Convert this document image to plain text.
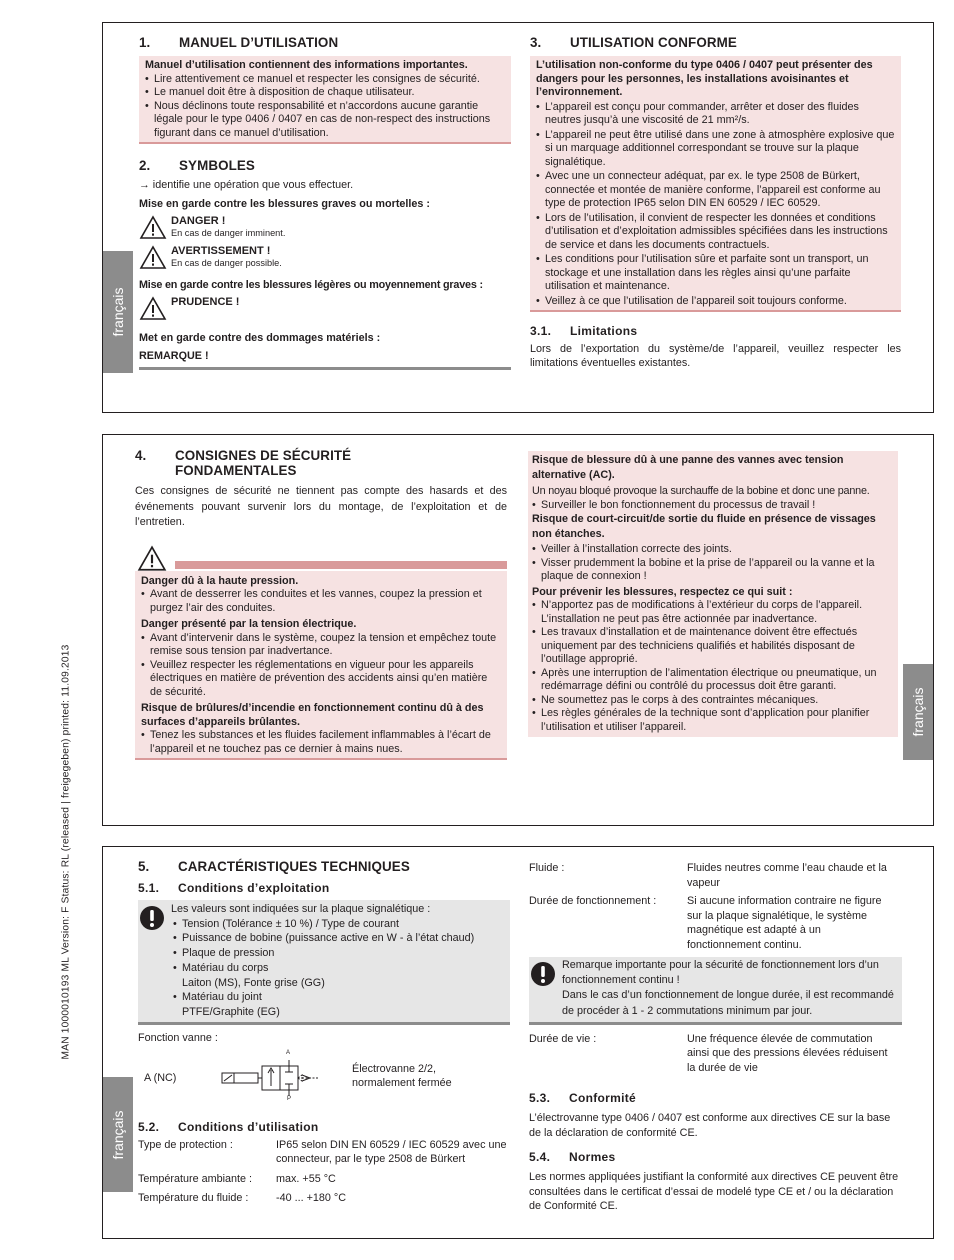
MAN 1000010193 ML Version: F Status: RL (released | freigegeben) printed: 11.09.2013
français
1.	MANUEL D’UTILISATION

Manuel d’utilisation contiennent des informations importantes.

• Lire attentivement ce manuel et respecter les consignes de sécurité.
• Le manuel doit être à disposition de chaque utilisateur.
• Nous déclinons toute responsabilité et n’accordons aucune garantie légale pour le type 0406 / 0407 en cas de non-respect des instructions figurant dans ce manuel d’utilisation.
2.	SYMBOLES

→ identifie une opération que vous effectuer.

Mise en garde contre les blessures graves ou mortelles :

DANGER !
En cas de danger imminent.
AVERTISSEMENT !
En cas de danger possible.

Mise en garde contre les blessures légères ou moyennement graves :

PRUDENCE !

Met en garde contre des dommages matériels :

REMARQUE !

3.	UTILISATION CONFORME

L’utilisation non-conforme du type 0406 / 0407 peut présenter des dangers pour les personnes, les installations avoisinantes et l’environnement.

• L’appareil est conçu pour commander, arrêter et doser des fluides neutres jusqu’à une viscosité de 21 mm²/s.
• L’appareil ne peut être utilisé dans une zone à atmosphère explosive que si un marquage additionnel correspondant se trouve sur la plaque signalétique.
• Avec une un connecteur adéquat, par ex. le type 2508 de Bürkert, connectée et montée de manière conforme, l’appareil est conforme au type de protection IP65 selon DIN EN 60529 / IEC 60529.
• Lors de l’utilisation, il convient de respecter les données et conditions d’utilisation et d’exploitation admissibles spécifiées dans les instructions de service et dans les documents contractuels.
• Les conditions pour l’utilisation sûre et parfaite sont un transport, un stockage et une installation dans les règles ainsi qu’une parfaite utilisation et maintenance.
• Veillez à ce que l’utilisation de l’appareil soit toujours conforme.
3.1.	Limitations

Lors de l’exportation du système/de l’appareil, veuillez respecter les limitations éventuelles existantes.

français
4.	CONSIGNES DE SÉCURITÉ
FONDAMENTALES

Ces consignes de sécurité ne tiennent pas compte des hasards et des événements pouvant survenir lors du montage, de l’exploitation et de l’entretien.

Danger dû à la haute pression.

• Avant de desserrer les conduites et les vannes, coupez la pression et purgez l’air des conduites.

Danger présenté par la tension électrique.

• Avant d’intervenir dans le système, coupez la tension et empêchez toute remise sous tension par inadvertance.
• Veuillez respecter les réglementations en vigueur pour les appareils électriques en matière de prévention des accidents ainsi qu’en matière de sécurité.

Risque de brûlures/d’incendie en fonctionnement continu dû à des surfaces d’appareils brûlantes.

• Tenez les substances et les fluides facilement inflammables à l’écart de l’appareil et ne touchez pas ce dernier à mains nues.

Risque de blessure dû à une panne des vannes avec tension alternative (AC).

Un noyau bloqué provoque la surchauffe de la bobine et donc une panne.

• Surveiller le bon fonctionnement du processus de travail !

Risque de court-circuit/de sortie du fluide en présence de vissages non étanches.

• Veiller à l’installation correcte des joints.
• Visser prudemment la bobine et la prise de l’appareil ou la vanne et la plaque de connexion !

Pour prévenir les blessures, respectez ce qui suit :

• N’apportez pas de modifications à l’extérieur du corps de l’appareil. L’installation ne peut pas être actionnée par inadvertance.
• Les travaux d’installation et de maintenance doivent être effectués uniquement par des techniciens qualifiés et habilités disposant de l’outillage approprié.
• Après une interruption de l’alimentation électrique ou pneumatique, un redémarrage défini ou contrôlé du processus doit être garanti.
• Ne soumettez pas le corps à des contraintes mécaniques.
• Les règles générales de la technique sont d’application pour planifier l’utilisation et utiliser l’appareil.
français
5.	CARACTÉRISTIQUES TECHNIQUES
5.1.	Conditions d’exploitation

Les valeurs sont indiquées sur la plaque signalétique :

• Tension (Tolérance ± 10 %) / Type de courant
• Puissance de bobine (puissance active en W - à l’état chaud)
• Plaque de pression
• Matériau du corps
Laiton (MS), Fonte grise (GG)
• Matériau du joint
PTFE/Graphite (EG)

Fonction vanne :

A (NC)
A
P
Électrovanne 2/2, normalement fermée
5.2.	Conditions d’utilisation
Type de protection :	IP65 selon DIN EN 60529 / IEC 60529 avec une connecteur, par le type 2508 de Bürkert
Température ambiante :	max. +55 °C
Température du fluide :	-40 ... +180 °C
Fluide :	Fluides neutres comme l’eau chaude et la vapeur
Durée de fonctionnement :	Si aucune information contraire ne figure sur la plaque signalétique, le système magnétique est adapté à un fonctionnement continu.

Remarque importante pour la sécurité de fonctionnement lors d’un fonctionnement continu !
Dans le cas d’un fonctionnement de longue durée, il est recommandé de procéder à 1 - 2 commutations minimum par jour.

Durée de vie :	Une fréquence élevée de commutation ainsi que des pressions élevées réduisent la durée de vie
5.3.	Conformité

L’électrovanne type 0406 / 0407 est conforme aux directives CE sur la base de la déclaration de conformité CE.

5.4.	Normes

Les normes appliquées justifiant la conformité aux directives CE peuvent être consultées dans le certificat d’essai de modelé type CE et / ou la déclaration de Conformité CE.
